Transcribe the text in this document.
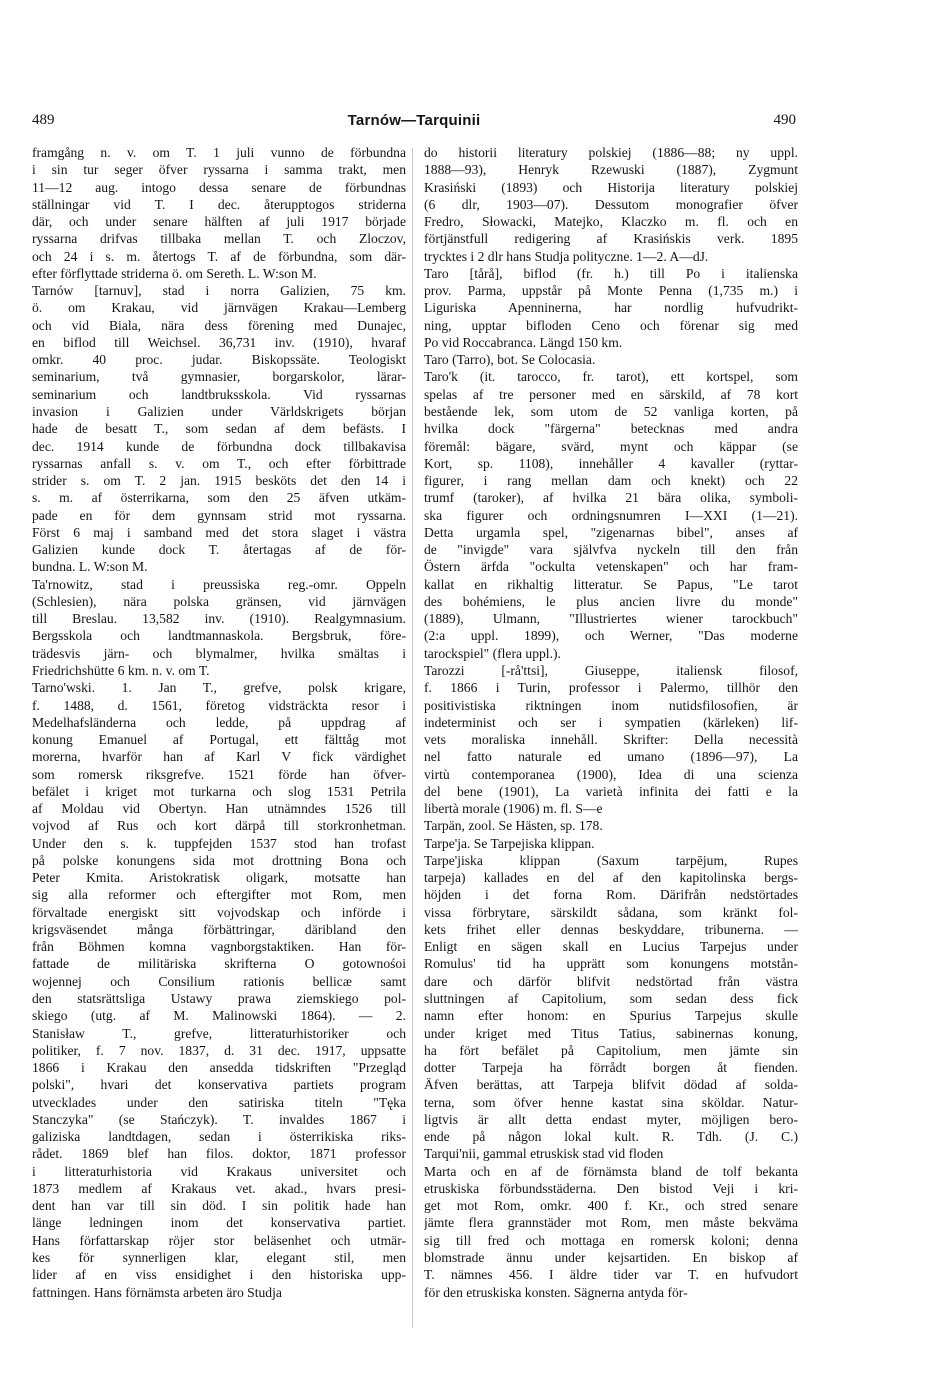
489	Tarnów—Tarquinii	490

framgång n. v. om T. 1 juli vunno de förbundna

i sin tur seger öfver ryssarna i samma trakt, men

11—12 aug. intogo dessa senare de förbundnas

ställningar vid T. I dec. återupptogos striderna

där, och under senare hälften af juli 1917 började

ryssarna drifvas tillbaka mellan T. och Zloczov,

och 24 i s. m. återtogs T. af de förbundna, som där-

efter förflyttade striderna ö. om Sereth. L. W:son M.

Tarnów [tarnuv], stad i norra Galizien, 75 km.

ö. om Krakau, vid järnvägen Krakau—Lemberg

och vid Biala, nära dess förening med Dunajec,

en biflod till Weichsel. 36,731 inv. (1910), hvaraf

omkr. 40 proc. judar. Biskopssäte. Teologiskt

seminarium, två gymnasier, borgarskolor, lärar-

seminarium och landtbruksskola. Vid ryssarnas

invasion i Galizien under Världskrigets början

hade de besatt T., som sedan af dem befästs. I

dec. 1914 kunde de förbundna dock tillbakavisa

ryssarnas anfall s. v. om T., och efter förbittrade

strider s. om T. 2 jan. 1915 besköts det den 14 i

s. m. af österrikarna, som den 25 äfven utkäm-

pade en för dem gynnsam strid mot ryssarna.

Först 6 maj i samband med det stora slaget i västra

Galizien kunde dock T. återtagas af de för-

bundna. L. W:son M.

Ta'rnowitz, stad i preussiska reg.-omr. Oppeln

(Schlesien), nära polska gränsen, vid järnvägen

till Breslau. 13,582 inv. (1910). Realgymnasium.

Bergsskola och landtmannaskola. Bergsbruk, före-

trädesvis järn- och blymalmer, hvilka smältas i

Friedrichshütte 6 km. n. v. om T.

Tarno'wski. 1. Jan T., grefve, polsk krigare,

f. 1488, d. 1561, företog vidsträckta resor i

Medelhafsländerna och ledde, på uppdrag af

konung Emanuel af Portugal, ett fälttåg mot

morerna, hvarför han af Karl V fick värdighet

som romersk riksgrefve. 1521 förde han öfver-

befälet i kriget mot turkarna och slog 1531 Petrila

af Moldau vid Obertyn. Han utnämndes 1526 till

vojvod af Rus och kort därpå till storkronhetman.

Under den s. k. tuppfejden 1537 stod han trofast

på polske konungens sida mot drottning Bona och

Peter Kmita. Aristokratisk oligark, motsatte han

sig alla reformer och eftergifter mot Rom, men

förvaltade energiskt sitt vojvodskap och införde i

krigsväsendet många förbättringar, däribland den

från Böhmen komna vagnborgstaktiken. Han för-

fattade de militäriska skrifterna O gotownośoi

wojennej och Consilium rationis bellicæ samt

den statsrättsliga Ustawy prawa ziemskiego pol-

skiego (utg. af M. Malinowski 1864). — 2.

Stanisław T., grefve, litteraturhistoriker och

politiker, f. 7 nov. 1837, d. 31 dec. 1917, uppsatte

1866 i Krakau den ansedda tidskriften "Przegląd

polski", hvari det konservativa partiets program

utvecklades under den satiriska titeln "Tęka

Stanczyka" (se Stańczyk). T. invaldes 1867 i

galiziska landtdagen, sedan i österrikiska riks-

rådet. 1869 blef han filos. doktor, 1871 professor

i litteraturhistoria vid Krakaus universitet och

1873 medlem af Krakaus vet. akad., hvars presi-

dent han var till sin död. I sin politik hade han

länge ledningen inom det konservativa partiet.

Hans författarskap röjer stor beläsenhet och utmär-

kes för synnerligen klar, elegant stil, men

lider af en viss ensidighet i den historiska upp-

fattningen. Hans förnämsta arbeten äro Studja

do historii literatury polskiej (1886—88; ny uppl.

1888—93), Henryk Rzewuski (1887), Zygmunt

Krasiński (1893) och Historija literatury polskiej

(6 dlr, 1903—07). Dessutom monografier öfver

Fredro, Słowacki, Matejko, Klaczko m. fl. och en

förtjänstfull redigering af Krasińskis verk. 1895

trycktes i 2 dlr hans Studja polityczne. 1—2. A—dJ.

Taro [tårå], biflod (fr. h.) till Po i italienska

prov. Parma, uppstår på Monte Penna (1,735 m.) i

Liguriska Apenninerna, har nordlig hufvudrikt-

ning, upptar bifloden Ceno och förenar sig med

Po vid Roccabranca. Längd 150 km.

Taro (Tarro), bot. Se Colocasia.

Taro'k (it. tarocco, fr. tarot), ett kortspel, som

spelas af tre personer med en särskild, af 78 kort

bestående lek, som utom de 52 vanliga korten, på

hvilka dock "färgerna" betecknas med andra

föremål: bägare, svärd, mynt och käppar (se

Kort, sp. 1108), innehåller 4 kavaller (ryttar-

figurer, i rang mellan dam och knekt) och 22

trumf (taroker), af hvilka 21 bära olika, symboli-

ska figurer och ordningsnumren I—XXI (1—21).

Detta urgamla spel, "zigenarnas bibel", anses af

de "invigde" vara självfva nyckeln till den från

Östern ärfda "ockulta vetenskapen" och har fram-

kallat en rikhaltig litteratur. Se Papus, "Le tarot

des bohémiens, le plus ancien livre du monde"

(1889), Ulmann, "Illustriertes wiener tarockbuch"

(2:a uppl. 1899), och Werner, "Das moderne

tarockspiel" (flera uppl.).

Tarozzi [-rå'ttsi], Giuseppe, italiensk filosof,

f. 1866 i Turin, professor i Palermo, tillhör den

positivistiska riktningen inom nutidsfilosofien, är

indeterminist och ser i sympatien (kärleken) lif-

vets moraliska innehåll. Skrifter: Della necessità

nel fatto naturale ed umano (1896—97), La

virtù contemporanea (1900), Idea di una scienza

del bene (1901), La varietà infinita dei fatti e la

libertà morale (1906) m. fl. S—e

Tarpän, zool. Se Hästen, sp. 178.

Tarpe'ja. Se Tarpejiska klippan.

Tarpe'jiska klippan (Saxum tarpējum, Rupes

tarpeja) kallades en del af den kapitolinska bergs-

höjden i det forna Rom. Därifrån nedstörtades

vissa förbrytare, särskildt sådana, som kränkt fol-

kets frihet eller dennas beskyddare, tribunerna. —

Enligt en sägen skall en Lucius Tarpejus under

Romulus' tid ha upprätt som konungens motstån-

dare och därför blifvit nedstörtad från västra

sluttningen af Capitolium, som sedan dess fick

namn efter honom: en Spurius Tarpejus skulle

under kriget med Titus Tatius, sabinernas konung,

ha fört befälet på Capitolium, men jämte sin

dotter Tarpeja ha förrådt borgen åt fienden.

Äfven berättas, att Tarpeja blifvit dödad af solda-

terna, som öfver henne kastat sina sköldar. Natur-

ligtvis är allt detta endast myter, möjligen bero-

ende på någon lokal kult. R. Tdh. (J. C.)

Tarqui'nii, gammal etruskisk stad vid floden

Marta och en af de förnämsta bland de tolf bekanta

etruskiska förbundsstäderna. Den bistod Veji i kri-

get mot Rom, omkr. 400 f. Kr., och stred senare

jämte flera grannstäder mot Rom, men måste bekväma

sig till fred och mottaga en romersk koloni; denna

blomstrade ännu under kejsartiden. En biskop af

T. nämnes 456. I äldre tider var T. en hufvudort

för den etruskiska konsten. Sägnerna antyda för-
